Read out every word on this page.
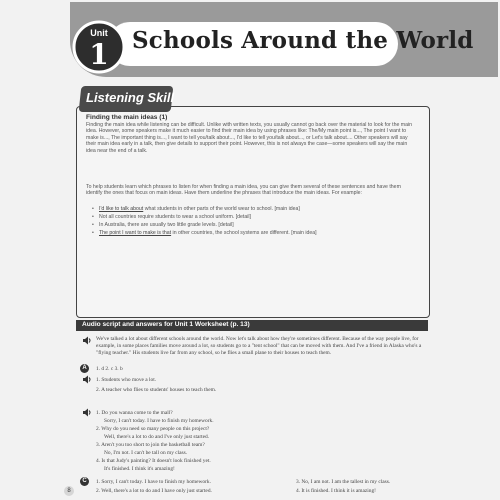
Unit
1 Schools Around the World
Listening Skill
Finding the main ideas (1)
Finding the main idea while listening can be difficult. Unlike with written texts, you usually cannot go back over the material to look for the main idea. However, some speakers make it much easier to find their main idea by using phrases like: The/My main point is..., The point I want to make is..., The important thing is..., I want to tell you/talk about..., I'd like to tell you/talk about..., or Let's talk about.... Other speakers will say their main idea early in a talk, then give details to support their point. However, this is not always the case—some speakers will say the main idea near the end of a talk.
To help students learn which phrases to listen for when finding a main idea, you can give them several of these sentences and have them identify the ones that focus on main ideas. Have them underline the phrases that introduce the main ideas. For example:
• I'd like to talk about what students in other parts of the world wear to school. [main idea]
• Not all countries require students to wear a school uniform. [detail]
• In Australia, there are usually two little grade levels. [detail]
• The point I want to make is that in other countries, the school systems are different. [main idea]
Audio script and answers for Unit 1 Worksheet (p. 13)
We've talked a lot about different schools around the world. Now let's talk about how they're sometimes different. Because of the way people live, for example, in some places families move around a lot, so students go to a "tent school" that can be moved with them. And I've a friend in Alaska who's a "flying teacher." His students live far from any school, so he flies a small plane to their houses to teach them.
A	1. d 2. c 3. b
1. Students who move a lot.
2. A teacher who flies to students' houses to teach them.
1. Do you wanna come to the mall?
Sorry, I can't today. I have to finish my homework.
2. Why do you need so many people on this project?
Well, there's a lot to do and I've only just started.
3. Aren't you too short to join the basketball team?
No, I'm not. I can't be tall on my class.
4. Is that Judy's painting? It doesn't look finished yet.
It's finished. I think it's amazing!
C	1. Sorry, I can't today. I have to finish my homework.
2. Well, there's a lot to do and I have only just started.
3. No, I am not. I am the tallest in my class.
4. It is finished. I think it is amazing!
8
